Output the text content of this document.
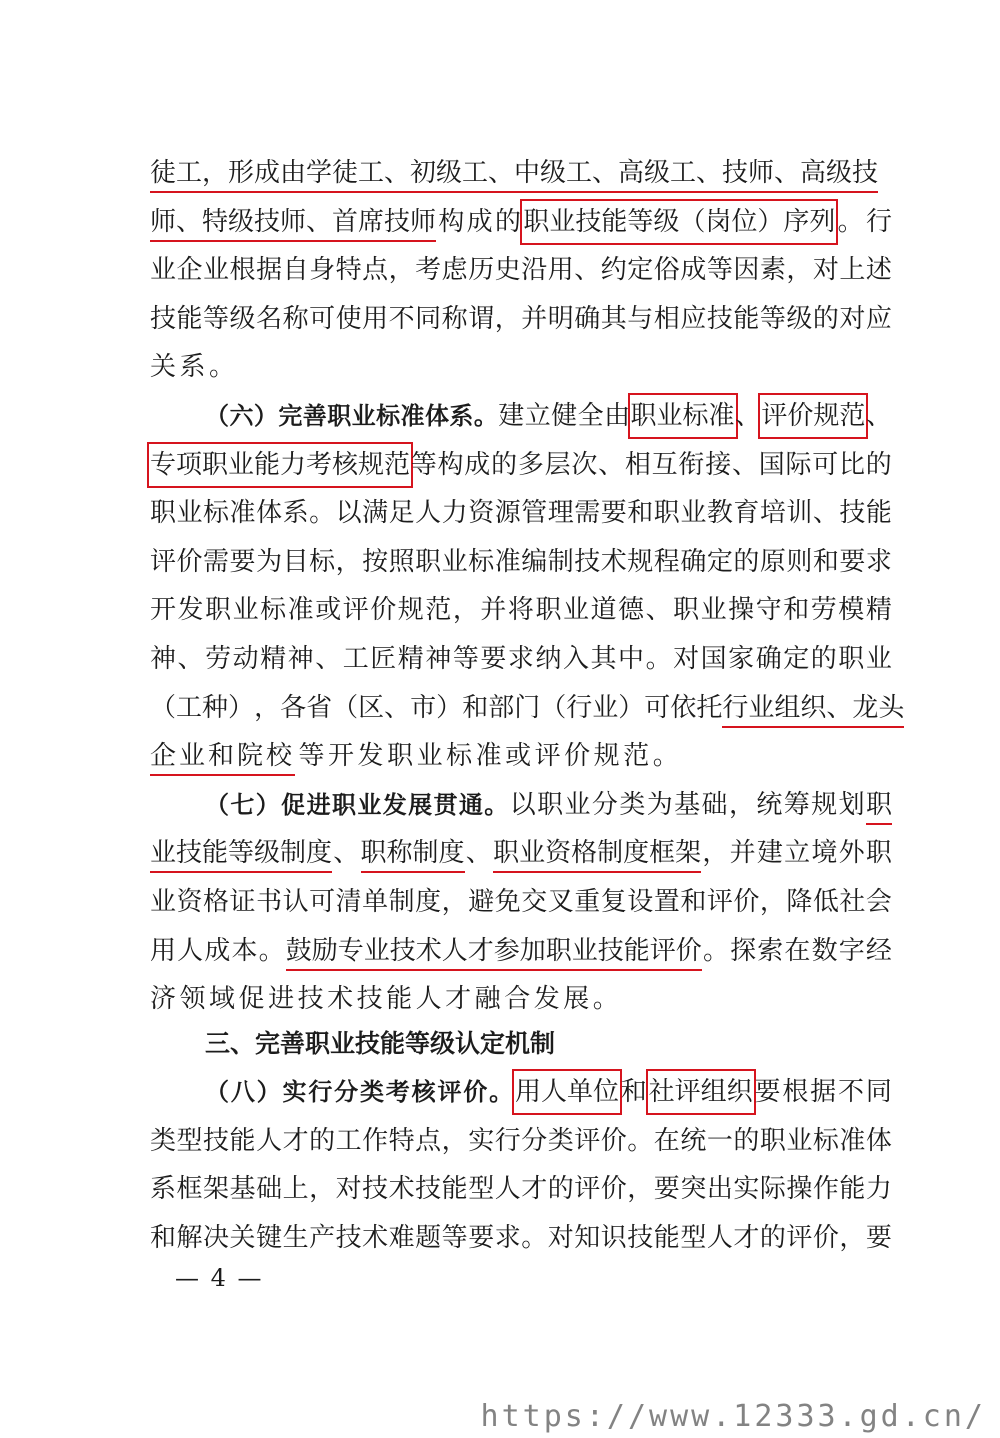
徒工，形成由学徒工、初级工、中级工、高级工、技师、高级技
师、特级技师、首席技师 构 成 的 职业技能等级（岗位）序列 。 行
业 企 业 根 据 自 身 特 点 ， 考 虑 历 史 沿 用 、 约 定 俗 成 等 因 素 ， 对 上 述
技 能 等 级 名 称 可 使 用 不 同 称 谓 ， 并 明 确 其 与 相 应 技 能 等 级 的 对 应
关 系 。
（ 六 ） 完 善 职 业 标 准 体 系 。 建 立 健 全 由 职业标准 、 评价规范 、
专项职业能力考核规范 等 构 成 的 多 层 次 、 相 互 衔 接 、 国 际 可 比 的
职 业 标 准 体 系 。 以 满 足 人 力 资 源 管 理 需 要 和 职 业 教 育 培 训 、 技 能
评 价 需 要 为 目 标 ， 按 照 职 业 标 准 编 制 技 术 规 程 确 定 的 原 则 和 要 求
开 发 职 业 标 准 或 评 价 规 范 ， 并 将 职 业 道 德 、 职 业 操 守 和 劳 模 精
神 、 劳 动 精 神 、 工 匠 精 神 等 要 求 纳 入 其 中 。 对 国 家 确 定 的 职 业
（ 工 种 ） ， 各 省 （ 区 、 市 ） 和 部 门 （ 行 业 ） 可 依 托 行业组织、龙头
企业和院校 等 开 发 职 业 标 准 或 评 价 规 范 。
（ 七 ） 促 进 职 业 发 展 贯 通 。 以 职 业 分 类 为 基 础 ， 统 筹 规 划 职
业技能等级制度 、 职称制度 、 职业资格制度框架 ， 并 建 立 境 外 职
业 资 格 证 书 认 可 清 单 制 度 ， 避 免 交 叉 重 复 设 置 和 评 价 ， 降 低 社 会
用 人 成 本 。 鼓励专业技术人才参加职业技能评价 。 探 索 在 数 字 经
济 领 域 促 进 技 术 技 能 人 才 融 合 发 展 。
三、完善职业技能等级认定机制
（ 八 ） 实 行 分 类 考 核 评 价 。 用人单位 和 社评组织 要 根 据 不 同
类 型 技 能 人 才 的 工 作 特 点 ， 实 行 分 类 评 价 。 在 统 一 的 职 业 标 准 体
系 框 架 基 础 上 ， 对 技 术 技 能 型 人 才 的 评 价 ， 要 突 出 实 际 操 作 能 力
和 解 决 关 键 生 产 技 术 难 题 等 要 求 。 对 知 识 技 能 型 人 才 的 评 价 ， 要
— 4 —
https://www.12333.gd.cn/
